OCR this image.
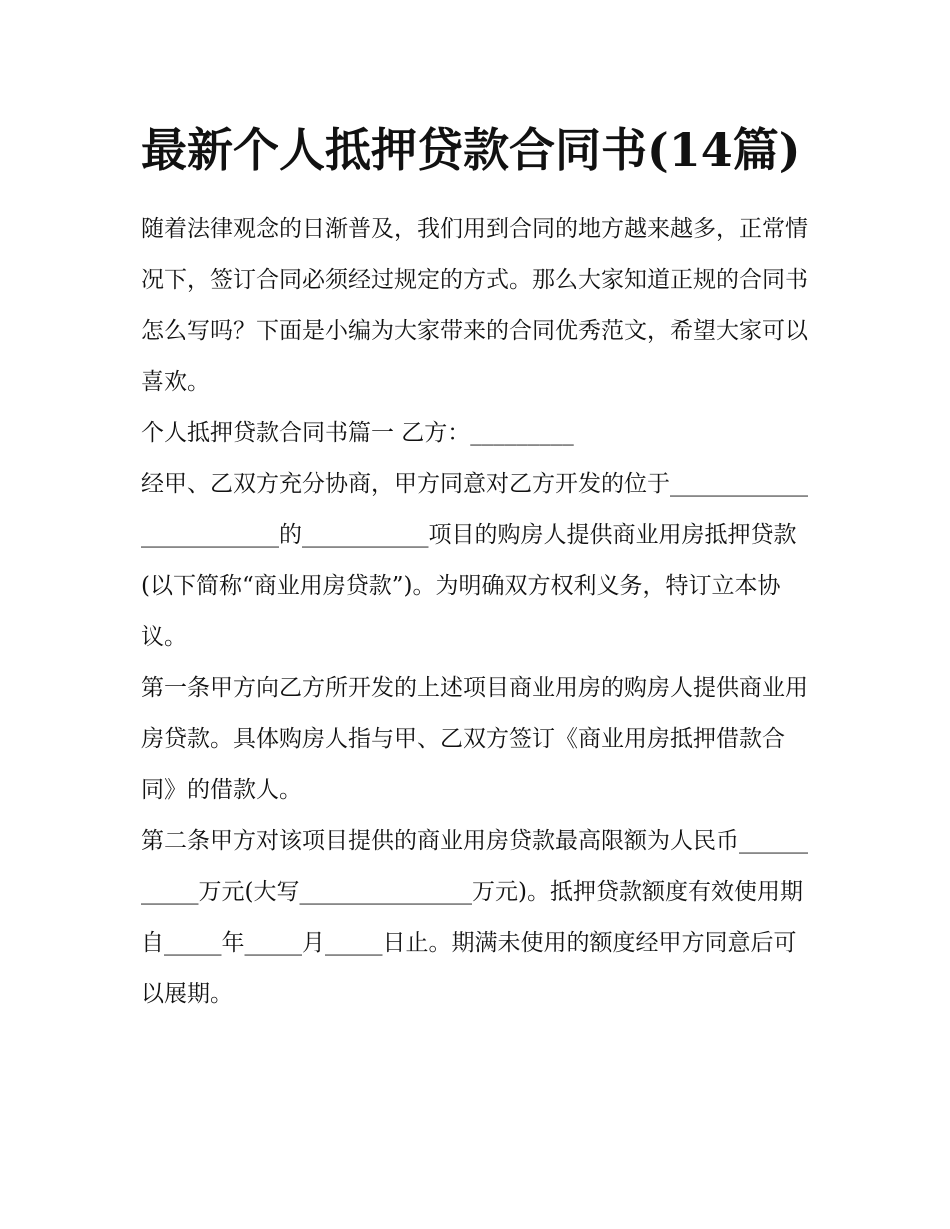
最新个人抵押贷款合同书(14篇)

随着法律观念的日渐普及，我们用到合同的地方越来越多，正常情况下，签订合同必须经过规定的方式。那么大家知道正规的合同书怎么写吗？下面是小编为大家带来的合同优秀范文，希望大家可以喜欢。

个人抵押贷款合同书篇一 乙方：_________

经甲、乙双方充分协商，甲方同意对乙方开发的位于________________________的___________项目的购房人提供商业用房抵押贷款(以下简称“商业用房贷款”)。为明确双方权利义务，特订立本协议。

第一条甲方向乙方所开发的上述项目商业用房的购房人提供商业用房贷款。具体购房人指与甲、乙双方签订《商业用房抵押借款合同》的借款人。

第二条甲方对该项目提供的商业用房贷款最高限额为人民币___________万元(大写_______________万元)。抵押贷款额度有效使用期自_____年_____月_____日止。期满未使用的额度经甲方同意后可以展期。
